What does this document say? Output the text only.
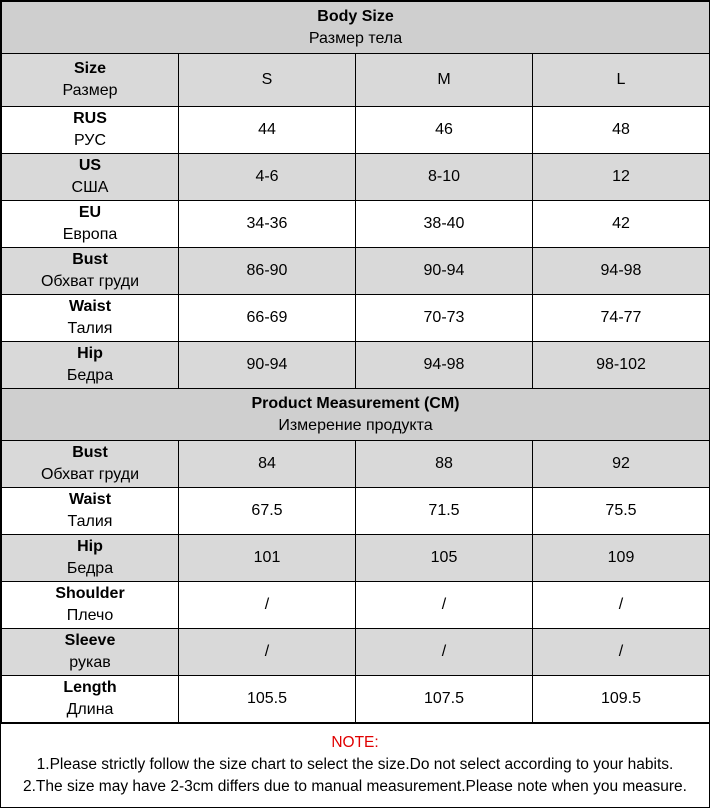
Body Size
Размер тела			

Size
Размер	S	M	L

RUS
РУС	44	46	48

US
США	4-6	8-10	12

EU
Европа	34-36	38-40	42

Bust
Обхват груди	86-90	90-94	94-98

Waist
Талия	66-69	70-73	74-77

Hip
Бедра	90-94	94-98	98-102

Product Measurement (CM)
Измерение продукта			

Bust
Обхват груди	84	88	92

Waist
Талия	67.5	71.5	75.5

Hip
Бедра	101	105	109

Shoulder
Плечо	/	/	/

Sleeve
рукав	/	/	/

Length
Длина	105.5	107.5	109.5
NOTE:
1.Please strictly follow the size chart to select the size.Do not select according to your habits.
2.The size may have 2-3cm differs due to manual measurement.Please note when you measure.
